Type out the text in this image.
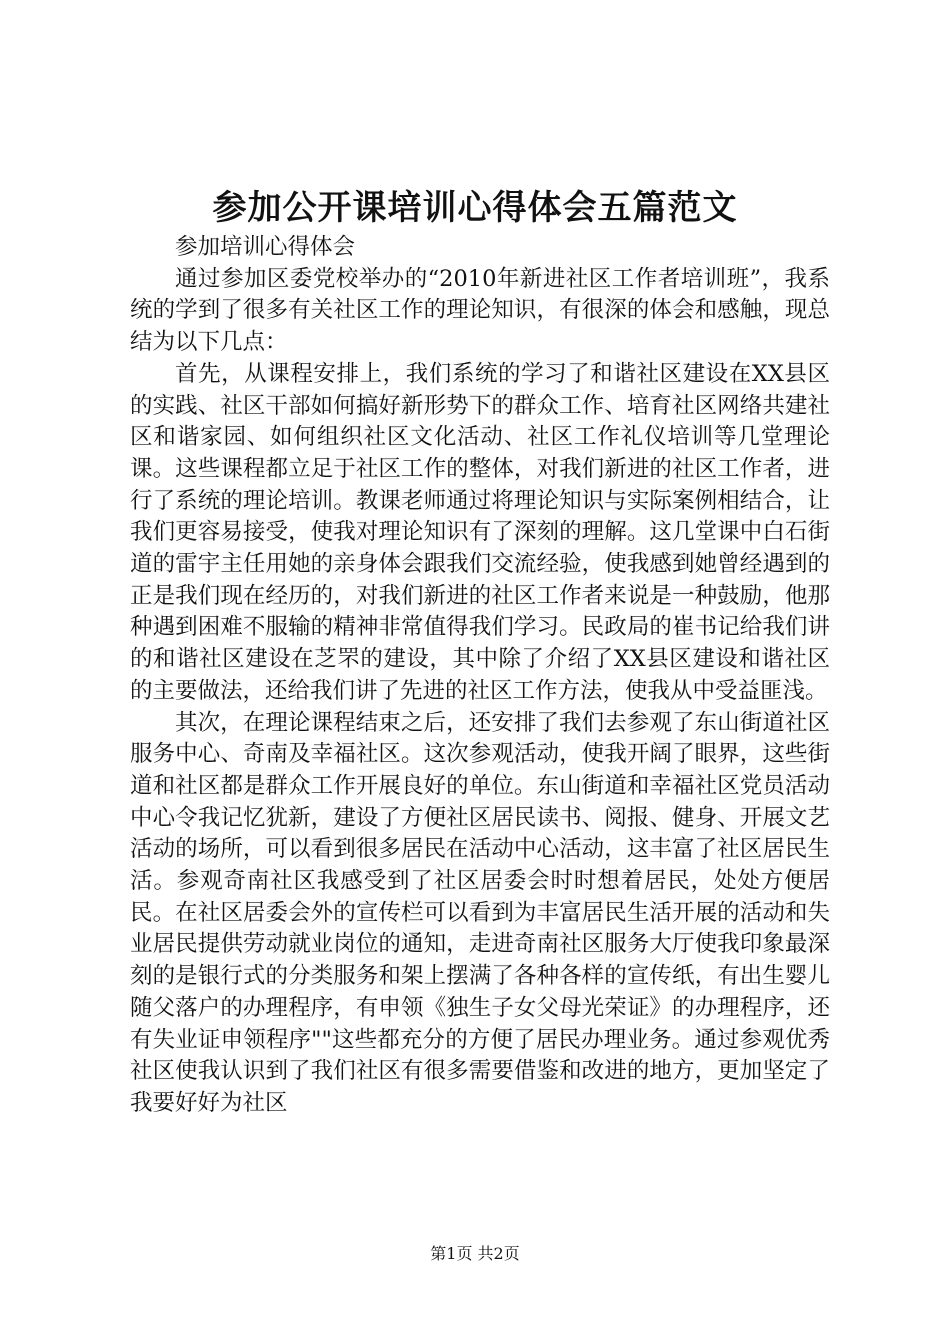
参加公开课培训心得体会五篇范文

参加培训心得体会

通过参加区委党校举办的“2010年新进社区工作者培训班”，我系统的学到了很多有关社区工作的理论知识，有很深的体会和感触，现总结为以下几点：

首先，从课程安排上，我们系统的学习了和谐社区建设在XX县区的实践、社区干部如何搞好新形势下的群众工作、培育社区网络共建社区和谐家园、如何组织社区文化活动、社区工作礼仪培训等几堂理论课。这些课程都立足于社区工作的整体，对我们新进的社区工作者，进行了系统的理论培训。教课老师通过将理论知识与实际案例相结合，让我们更容易接受，使我对理论知识有了深刻的理解。这几堂课中白石街道的雷宇主任用她的亲身体会跟我们交流经验，使我感到她曾经遇到的正是我们现在经历的，对我们新进的社区工作者来说是一种鼓励，他那种遇到困难不服输的精神非常值得我们学习。民政局的崔书记给我们讲的和谐社区建设在芝罘的建设，其中除了介绍了XX县区建设和谐社区的主要做法，还给我们讲了先进的社区工作方法，使我从中受益匪浅。

其次，在理论课程结束之后，还安排了我们去参观了东山街道社区服务中心、奇南及幸福社区。这次参观活动，使我开阔了眼界，这些街道和社区都是群众工作开展良好的单位。东山街道和幸福社区党员活动中心令我记忆犹新，建设了方便社区居民读书、阅报、健身、开展文艺活动的场所，可以看到很多居民在活动中心活动，这丰富了社区居民生活。参观奇南社区我感受到了社区居委会时时想着居民，处处方便居民。在社区居委会外的宣传栏可以看到为丰富居民生活开展的活动和失业居民提供劳动就业岗位的通知，走进奇南社区服务大厅使我印象最深刻的是银行式的分类服务和架上摆满了各种各样的宣传纸，有出生婴儿随父落户的办理程序，有申领《独生子女父母光荣证》的办理程序，还有失业证申领程序""这些都充分的方便了居民办理业务。通过参观优秀社区使我认识到了我们社区有很多需要借鉴和改进的地方，更加坚定了我要好好为社区

第1页 共2页
